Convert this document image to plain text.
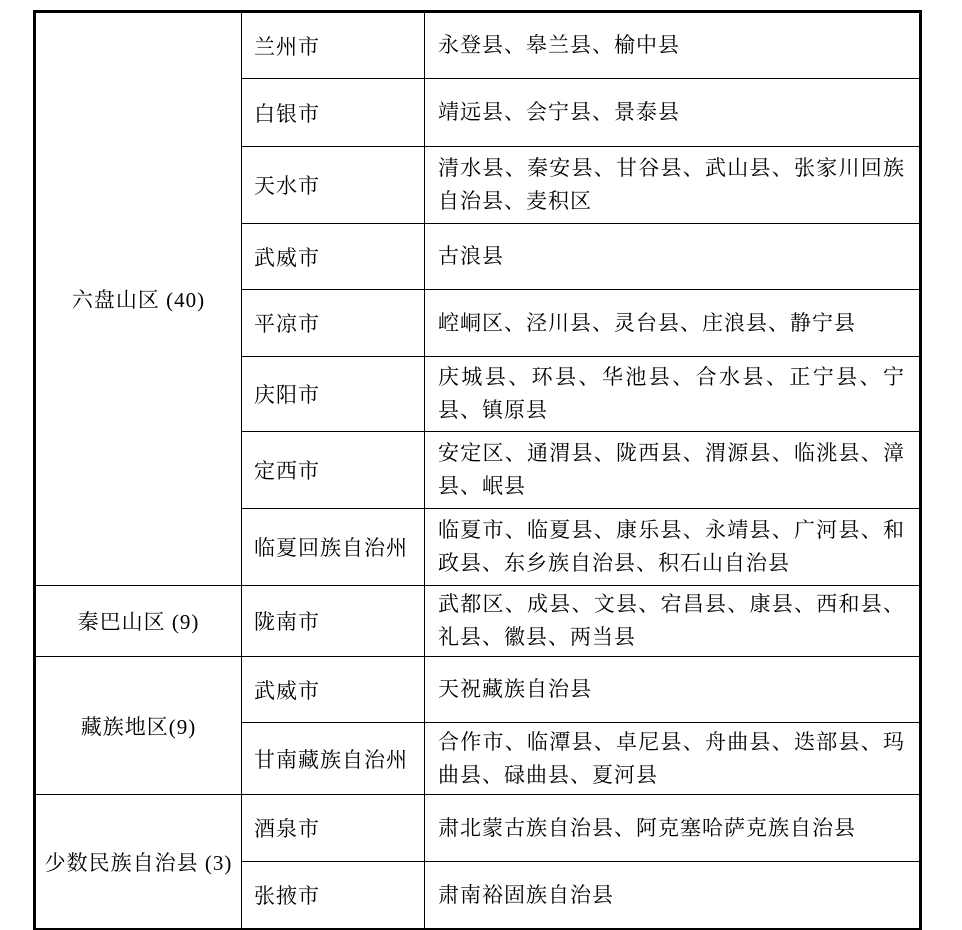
六盘山区 (40)	兰州市	永登县、皋兰县、榆中县
	白银市	靖远县、会宁县、景泰县
	天水市	清水县、秦安县、甘谷县、武山县、张家川回族自治县、麦积区
	武威市	古浪县
	平凉市	崆峒区、泾川县、灵台县、庄浪县、静宁县
	庆阳市	庆城县、环县、华池县、合水县、正宁县、宁县、镇原县
	定西市	安定区、通渭县、陇西县、渭源县、临洮县、漳县、岷县
	临夏回族自治州	临夏市、临夏县、康乐县、永靖县、广河县、和政县、东乡族自治县、积石山自治县
秦巴山区 (9)	陇南市	武都区、成县、文县、宕昌县、康县、西和县、礼县、徽县、两当县
藏族地区(9)	武威市	天祝藏族自治县
	甘南藏族自治州	合作市、临潭县、卓尼县、舟曲县、迭部县、玛曲县、碌曲县、夏河县
少数民族自治县 (3)	酒泉市	肃北蒙古族自治县、阿克塞哈萨克族自治县
	张掖市	肃南裕固族自治县
